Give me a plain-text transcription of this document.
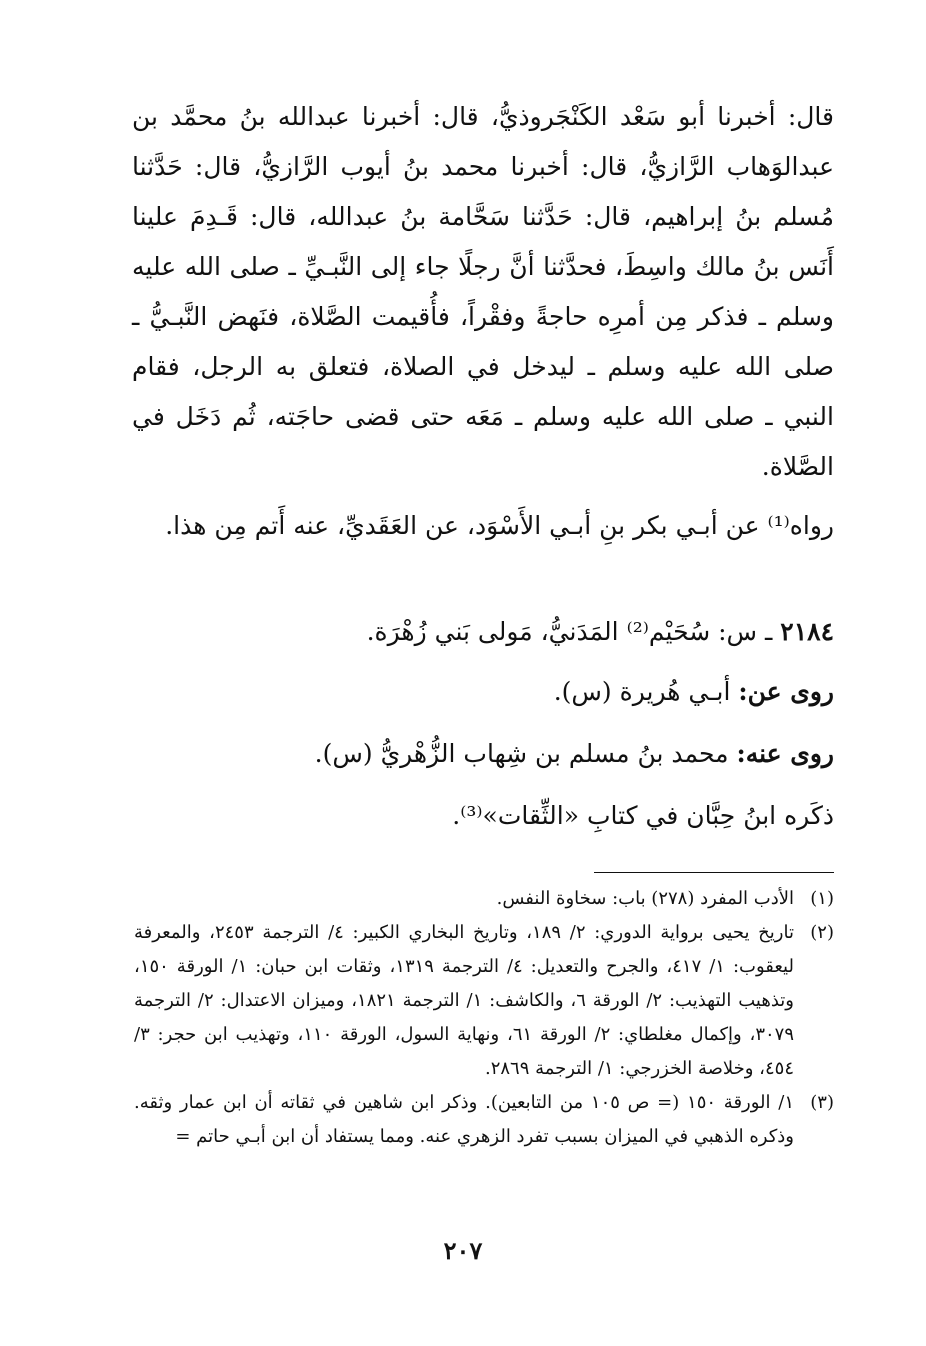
قال: أخبرنا أبو سَعْد الكَنْجَروذيُّ، قال: أخبرنا عبدالله بنُ محمَّد بن عبدالوَهاب الرَّازيُّ، قال: أخبرنا محمد بنُ أيوب الرَّازيُّ، قال: حَدَّثنا مُسلم بنُ إبراهيم، قال: حَدَّثنا سَحَّامة بنُ عبدالله، قال: قَـدِمَ علينا أَنَس بنُ مالك واسِطَ، فحدَّثنا أنَّ رجلًا جاء إلى النَّبـيِّ ـ صلى الله عليه وسلم ـ فذكر مِن أمرِه حاجةً وفقْراً، فأُقيمت الصَّلاة، فنَهض النَّبـيُّ ـ صلى الله عليه وسلم ـ ليدخل في الصلاة، فتعلق به الرجل، فقام النبي ـ صلى الله عليه وسلم ـ مَعَه حتى قضى حاجَته، ثُم دَخَل في الصَّلاة.

رواه⁽¹⁾ عن أبـي بكر بنِ أبـي الأَسْوَد، عن العَقَديِّ، عنه أَتم مِن هذا.

٢١٨٤ ـ س: سُحَيْم⁽²⁾ المَدَنيُّ، مَولى بَني زُهْرَة.
روى عن: أبـي هُريرة (س).
روى عنه: محمد بنُ مسلم بن شِهاب الزُّهْريُّ (س).
ذكَره ابنُ حِبَّان في كتابِ «الثِّقات»⁽³⁾.
(١)
الأدب المفرد (٢٧٨) باب: سخاوة النفس.
(٢)
تاريخ يحيى برواية الدوري: ٢/ ١٨٩، وتاريخ البخاري الكبير: ٤/ الترجمة ٢٤٥٣، والمعرفة ليعقوب: ١/ ٤١٧، والجرح والتعديل: ٤/ الترجمة ١٣١٩، وثقات ابن حبان: ١/ الورقة ١٥٠، وتذهيب التهذيب: ٢/ الورقة ٦، والكاشف: ١/ الترجمة ١٨٢١، وميزان الاعتدال: ٢/ الترجمة ٣٠٧٩، وإكمال مغلطاي: ٢/ الورقة ٦١، ونهاية السول، الورقة ١١٠، وتهذيب ابن حجر: ٣/ ٤٥٤، وخلاصة الخزرجي: ١/ الترجمة ٢٨٦٩.
(٣)
١/ الورقة ١٥٠ (= ص ١٠٥ من التابعين). وذكر ابن شاهين في ثقاته أن ابن عمار وثقه. وذكره الذهبي في الميزان بسبب تفرد الزهري عنه. ومما يستفاد أن ابن أبـي حاتم =
٢٠٧
